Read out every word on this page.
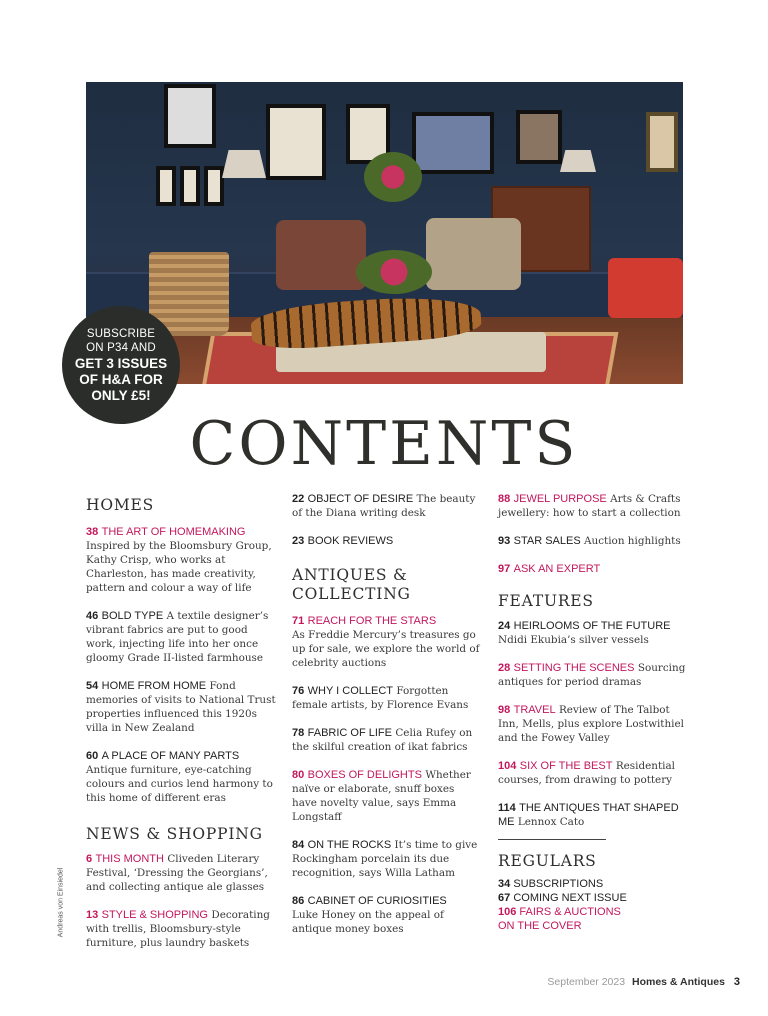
SUBSCRIBE
ON P34 AND
GET 3 ISSUES
OF H&A FOR
ONLY £5!
CONTENTS
HOMES

38 THE ART OF HOMEMAKING
Inspired by the Bloomsbury Group, Kathy Crisp, who works at Charleston, has made creativity, pattern and colour a way of life

46 BOLD TYPE A textile designer’s vibrant fabrics are put to good work, injecting life into her once gloomy Grade II-listed farmhouse

54 HOME FROM HOME Fond memories of visits to National Trust properties influenced this 1920s villa in New Zealand

60 A PLACE OF MANY PARTS
Antique furniture, eye-catching colours and curios lend harmony to this home of different eras

NEWS & SHOPPING

6 THIS MONTH Cliveden Literary Festival, ‘Dressing the Georgians’, and collecting antique ale glasses

13 STYLE & SHOPPING Decorating with trellis, Bloomsbury-style furniture, plus laundry baskets

22 OBJECT OF DESIRE The beauty of the Diana writing desk

23 BOOK REVIEWS

ANTIQUES &
COLLECTING

71 REACH FOR THE STARS
As Freddie Mercury’s treasures go up for sale, we explore the world of celebrity auctions

76 WHY I COLLECT Forgotten female artists, by Florence Evans

78 FABRIC OF LIFE Celia Rufey on the skilful creation of ikat fabrics

80 BOXES OF DELIGHTS Whether naïve or elaborate, snuff boxes have novelty value, says Emma Longstaff

84 ON THE ROCKS It’s time to give Rockingham porcelain its due recognition, says Willa Latham

86 CABINET OF CURIOSITIES
Luke Honey on the appeal of antique money boxes

88 JEWEL PURPOSE Arts & Crafts jewellery: how to start a collection

93 STAR SALES Auction highlights

97 ASK AN EXPERT

FEATURES

24 HEIRLOOMS OF THE FUTURE
Ndidi Ekubia’s silver vessels

28 SETTING THE SCENES Sourcing antiques for period dramas

98 TRAVEL Review of The Talbot Inn, Mells, plus explore Lostwithiel and the Fowey Valley

104 SIX OF THE BEST Residential courses, from drawing to pottery

114 THE ANTIQUES THAT SHAPED ME Lennox Cato

REGULARS

34 SUBSCRIPTIONS

67 COMING NEXT ISSUE

106 FAIRS & AUCTIONS

ON THE COVER

Andreas von Einsiedel
September 2023 Homes & Antiques 3
